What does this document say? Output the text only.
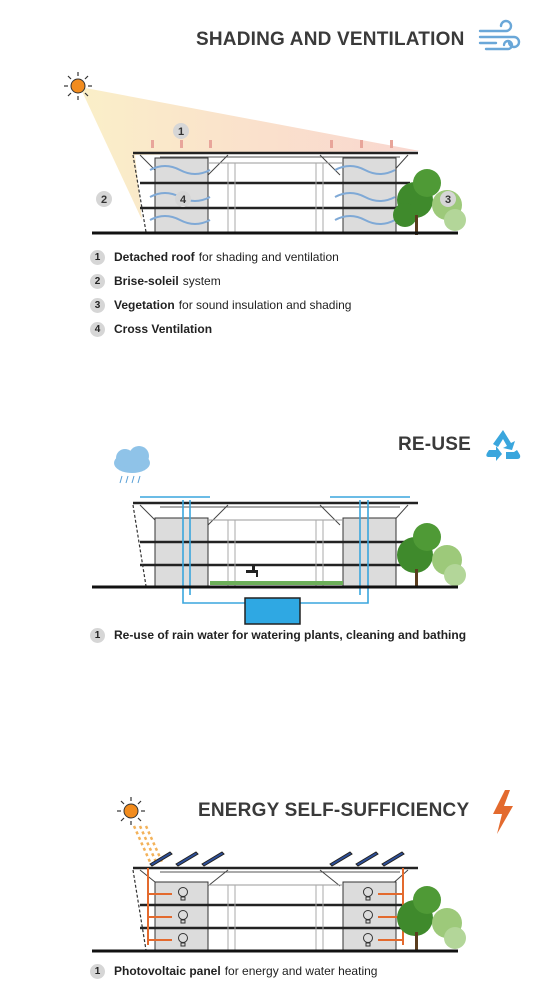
SHADING AND VENTILATION
1
2	3
4
1	Detached roof for shading and ventilation
2	Brise-soleil system
3	Vegetation for sound insulation and shading
4	Cross Ventilation
RE-USE
1	Re-use of rain water for watering plants, cleaning and bathing
ENERGY SELF-SUFFICIENCY
1	Photovoltaic panel for energy and water heating
